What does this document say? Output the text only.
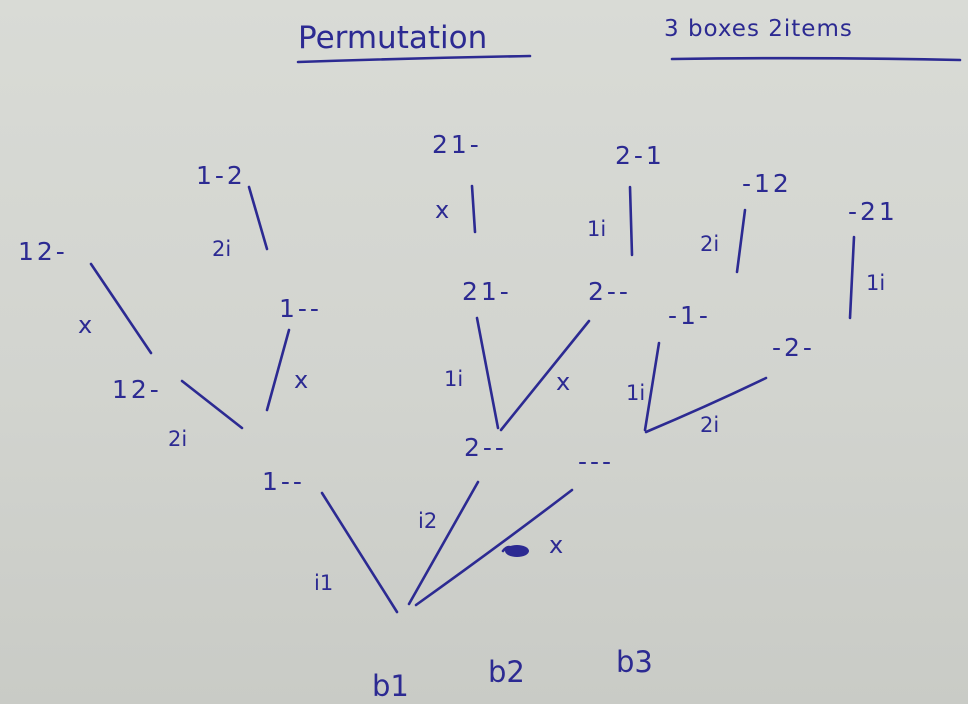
Permutation	3 boxes 2items
1--
2--	---
12-
1--
21-	2--
-1-
-2-
12-
1-2
21-	2-1
-12
-21
i1
i2
x
2i
x	1i	x	1i
2i
x
2i
x
1i
2i
1i
b1	b2	b3
